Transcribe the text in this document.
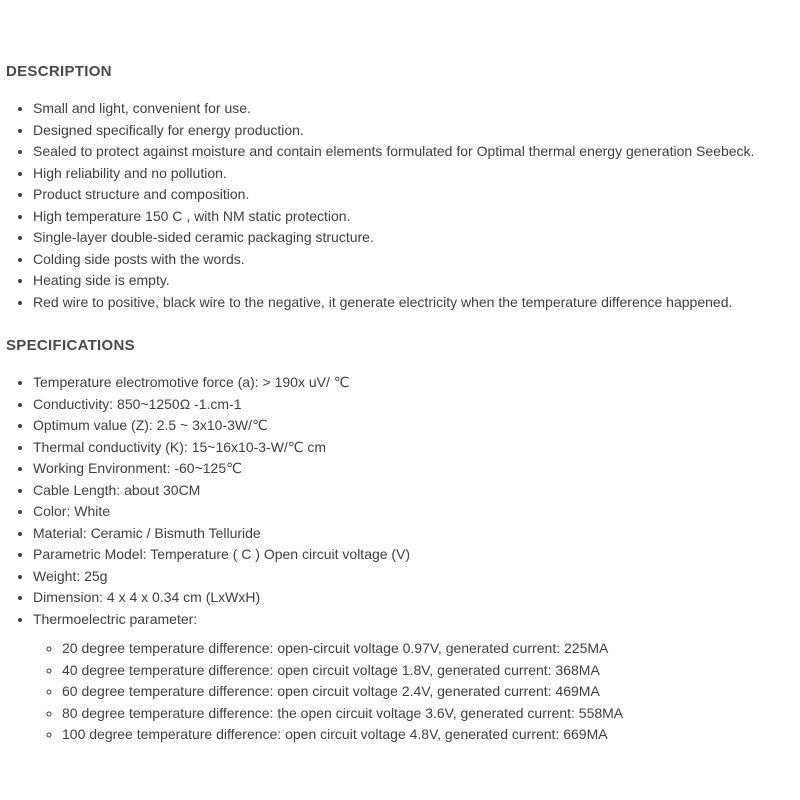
DESCRIPTION
• Small and light, convenient for use.
• Designed specifically for energy production.
• Sealed to protect against moisture and contain elements formulated for Optimal thermal energy generation Seebeck.
• High reliability and no pollution.
• Product structure and composition.
• High temperature 150 C , with NM static protection.
• Single-layer double-sided ceramic packaging structure.
• Colding side posts with the words.
• Heating side is empty.
• Red wire to positive, black wire to the negative, it generate electricity when the temperature difference happened.
SPECIFICATIONS
• Temperature electromotive force (a): > 190x uV/ ℃
• Conductivity: 850~1250Ω -1.cm-1
• Optimum value (Z): 2.5 ~ 3x10-3W/℃
• Thermal conductivity (K): 15~16x10-3-W/℃ cm
• Working Environment: -60~125℃
• Cable Length: about 30CM
• Color: White
• Material: Ceramic / Bismuth Telluride
• Parametric Model: Temperature ( C ) Open circuit voltage (V)
• Weight: 25g
• Dimension: 4 x 4 x 0.34 cm (LxWxH)
• Thermoelectric parameter:
◦ 20 degree temperature difference: open-circuit voltage 0.97V, generated current: 225MA
◦ 40 degree temperature difference: open circuit voltage 1.8V, generated current: 368MA
◦ 60 degree temperature difference: open circuit voltage 2.4V, generated current: 469MA
◦ 80 degree temperature difference: the open circuit voltage 3.6V, generated current: 558MA
◦ 100 degree temperature difference: open circuit voltage 4.8V, generated current: 669MA
